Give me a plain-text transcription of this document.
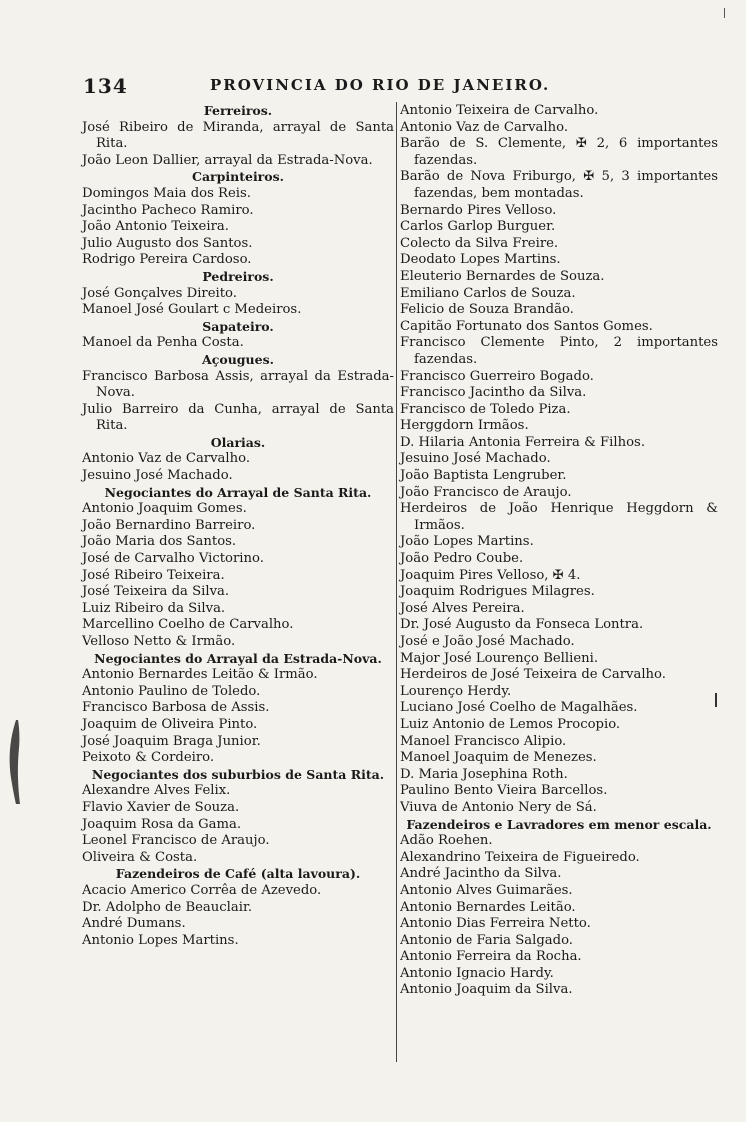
134	PROVINCIA DO RIO DE JANEIRO.
Ferreiros.
José Ribeiro de Miranda, arrayal de Santa Rita.
João Leon Dallier, arrayal da Estrada-Nova.
Carpinteiros.
Domingos Maia dos Reis.
Jacintho Pacheco Ramiro.
João Antonio Teixeira.
Julio Augusto dos Santos.
Rodrigo Pereira Cardoso.
Pedreiros.
José Gonçalves Direito.
Manoel José Goulart c Medeiros.
Sapateiro.
Manoel da Penha Costa.
Açougues.
Francisco Barbosa Assis, arrayal da Estrada-Nova.
Julio Barreiro da Cunha, arrayal de Santa Rita.
Olarias.
Antonio Vaz de Carvalho.
Jesuino José Machado.
Negociantes do Arrayal de Santa Rita.
Antonio Joaquim Gomes.
João Bernardino Barreiro.
João Maria dos Santos.
José de Carvalho Victorino.
José Ribeiro Teixeira.
José Teixeira da Silva.
Luiz Ribeiro da Silva.
Marcellino Coelho de Carvalho.
Velloso Netto & Irmão.
Negociantes do Arrayal da Estrada-Nova.
Antonio Bernardes Leitão & Irmão.
Antonio Paulino de Toledo.
Francisco Barbosa de Assis.
Joaquim de Oliveira Pinto.
José Joaquim Braga Junior.
Peixoto & Cordeiro.
Negociantes dos suburbios de Santa Rita.
Alexandre Alves Felix.
Flavio Xavier de Souza.
Joaquim Rosa da Gama.
Leonel Francisco de Araujo.
Oliveira & Costa.
Fazendeiros de Café (alta lavoura).
Acacio Americo Corrêa de Azevedo.
Dr. Adolpho de Beauclair.
André Dumans.
Antonio Lopes Martins.
Antonio Teixeira de Carvalho.
Antonio Vaz de Carvalho.
Barão de S. Clemente, ✠ 2, 6 importantes fazendas.
Barão de Nova Friburgo, ✠ 5, 3 importantes fazendas, bem montadas.
Bernardo Pires Velloso.
Carlos Garlop Burguer.
Colecto da Silva Freire.
Deodato Lopes Martins.
Eleuterio Bernardes de Souza.
Emiliano Carlos de Souza.
Felicio de Souza Brandão.
Capitão Fortunato dos Santos Gomes.
Francisco Clemente Pinto, 2 importantes fazendas.
Francisco Guerreiro Bogado.
Francisco Jacintho da Silva.
Francisco de Toledo Piza.
Herggdorn Irmãos.
D. Hilaria Antonia Ferreira & Filhos.
Jesuino José Machado.
João Baptista Lengruber.
João Francisco de Araujo.
Herdeiros de João Henrique Heggdorn & Irmãos.
João Lopes Martins.
João Pedro Coube.
Joaquim Pires Velloso, ✠ 4.
Joaquim Rodrigues Milagres.
José Alves Pereira.
Dr. José Augusto da Fonseca Lontra.
José e João José Machado.
Major José Lourenço Bellieni.
Herdeiros de José Teixeira de Carvalho.
Lourenço Herdy.
Luciano José Coelho de Magalhães.
Luiz Antonio de Lemos Procopio.
Manoel Francisco Alipio.
Manoel Joaquim de Menezes.
D. Maria Josephina Roth.
Paulino Bento Vieira Barcellos.
Viuva de Antonio Nery de Sá.
Fazendeiros e Lavradores em menor escala.
Adão Roehen.
Alexandrino Teixeira de Figueiredo.
André Jacintho da Silva.
Antonio Alves Guimarães.
Antonio Bernardes Leitão.
Antonio Dias Ferreira Netto.
Antonio de Faria Salgado.
Antonio Ferreira da Rocha.
Antonio Ignacio Hardy.
Antonio Joaquim da Silva.
